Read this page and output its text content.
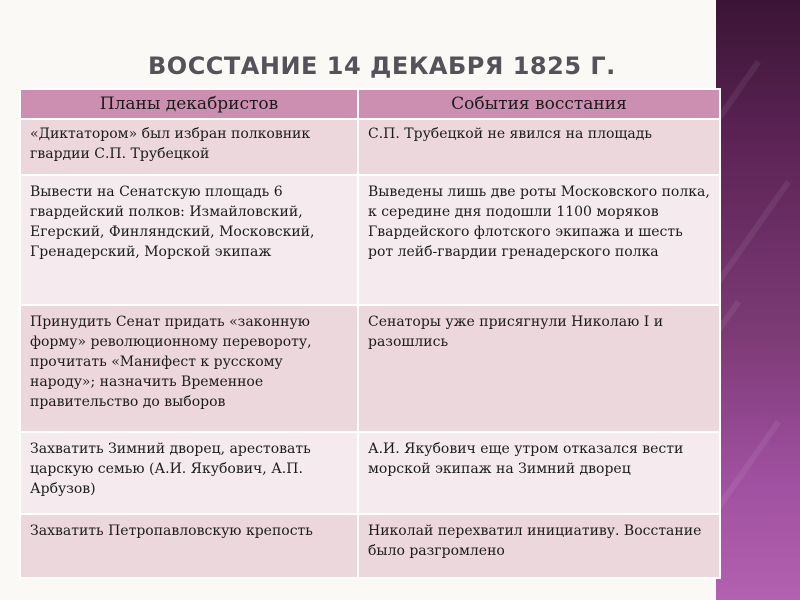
ВОССТАНИЕ 14 ДЕКАБРЯ 1825 Г.
Планы декабристов	События восстания
«Диктатором» был избран полковник гвардии С.П. Трубецкой	С.П. Трубецкой не явился на площадь
Вывести на Сенатскую площадь 6 гвардейский полков: Измайловский, Егерский, Финляндский, Московский, Гренадерский, Морской экипаж	Выведены лишь две роты Московского полка, к середине дня подошли 1100 моряков Гвардейского флотского экипажа и шесть рот лейб-гвардии гренадерского полка
Принудить Сенат придать «законную форму» революционному перевороту, прочитать «Манифест к русскому народу»; назначить Временное правительство до выборов	Сенаторы уже присягнули Николаю I и разошлись
Захватить Зимний дворец, арестовать царскую семью (А.И. Якубович, А.П. Арбузов)	А.И. Якубович еще утром отказался вести морской экипаж на Зимний дворец
Захватить Петропавловскую крепость	Николай перехватил инициативу. Восстание было разгромлено
